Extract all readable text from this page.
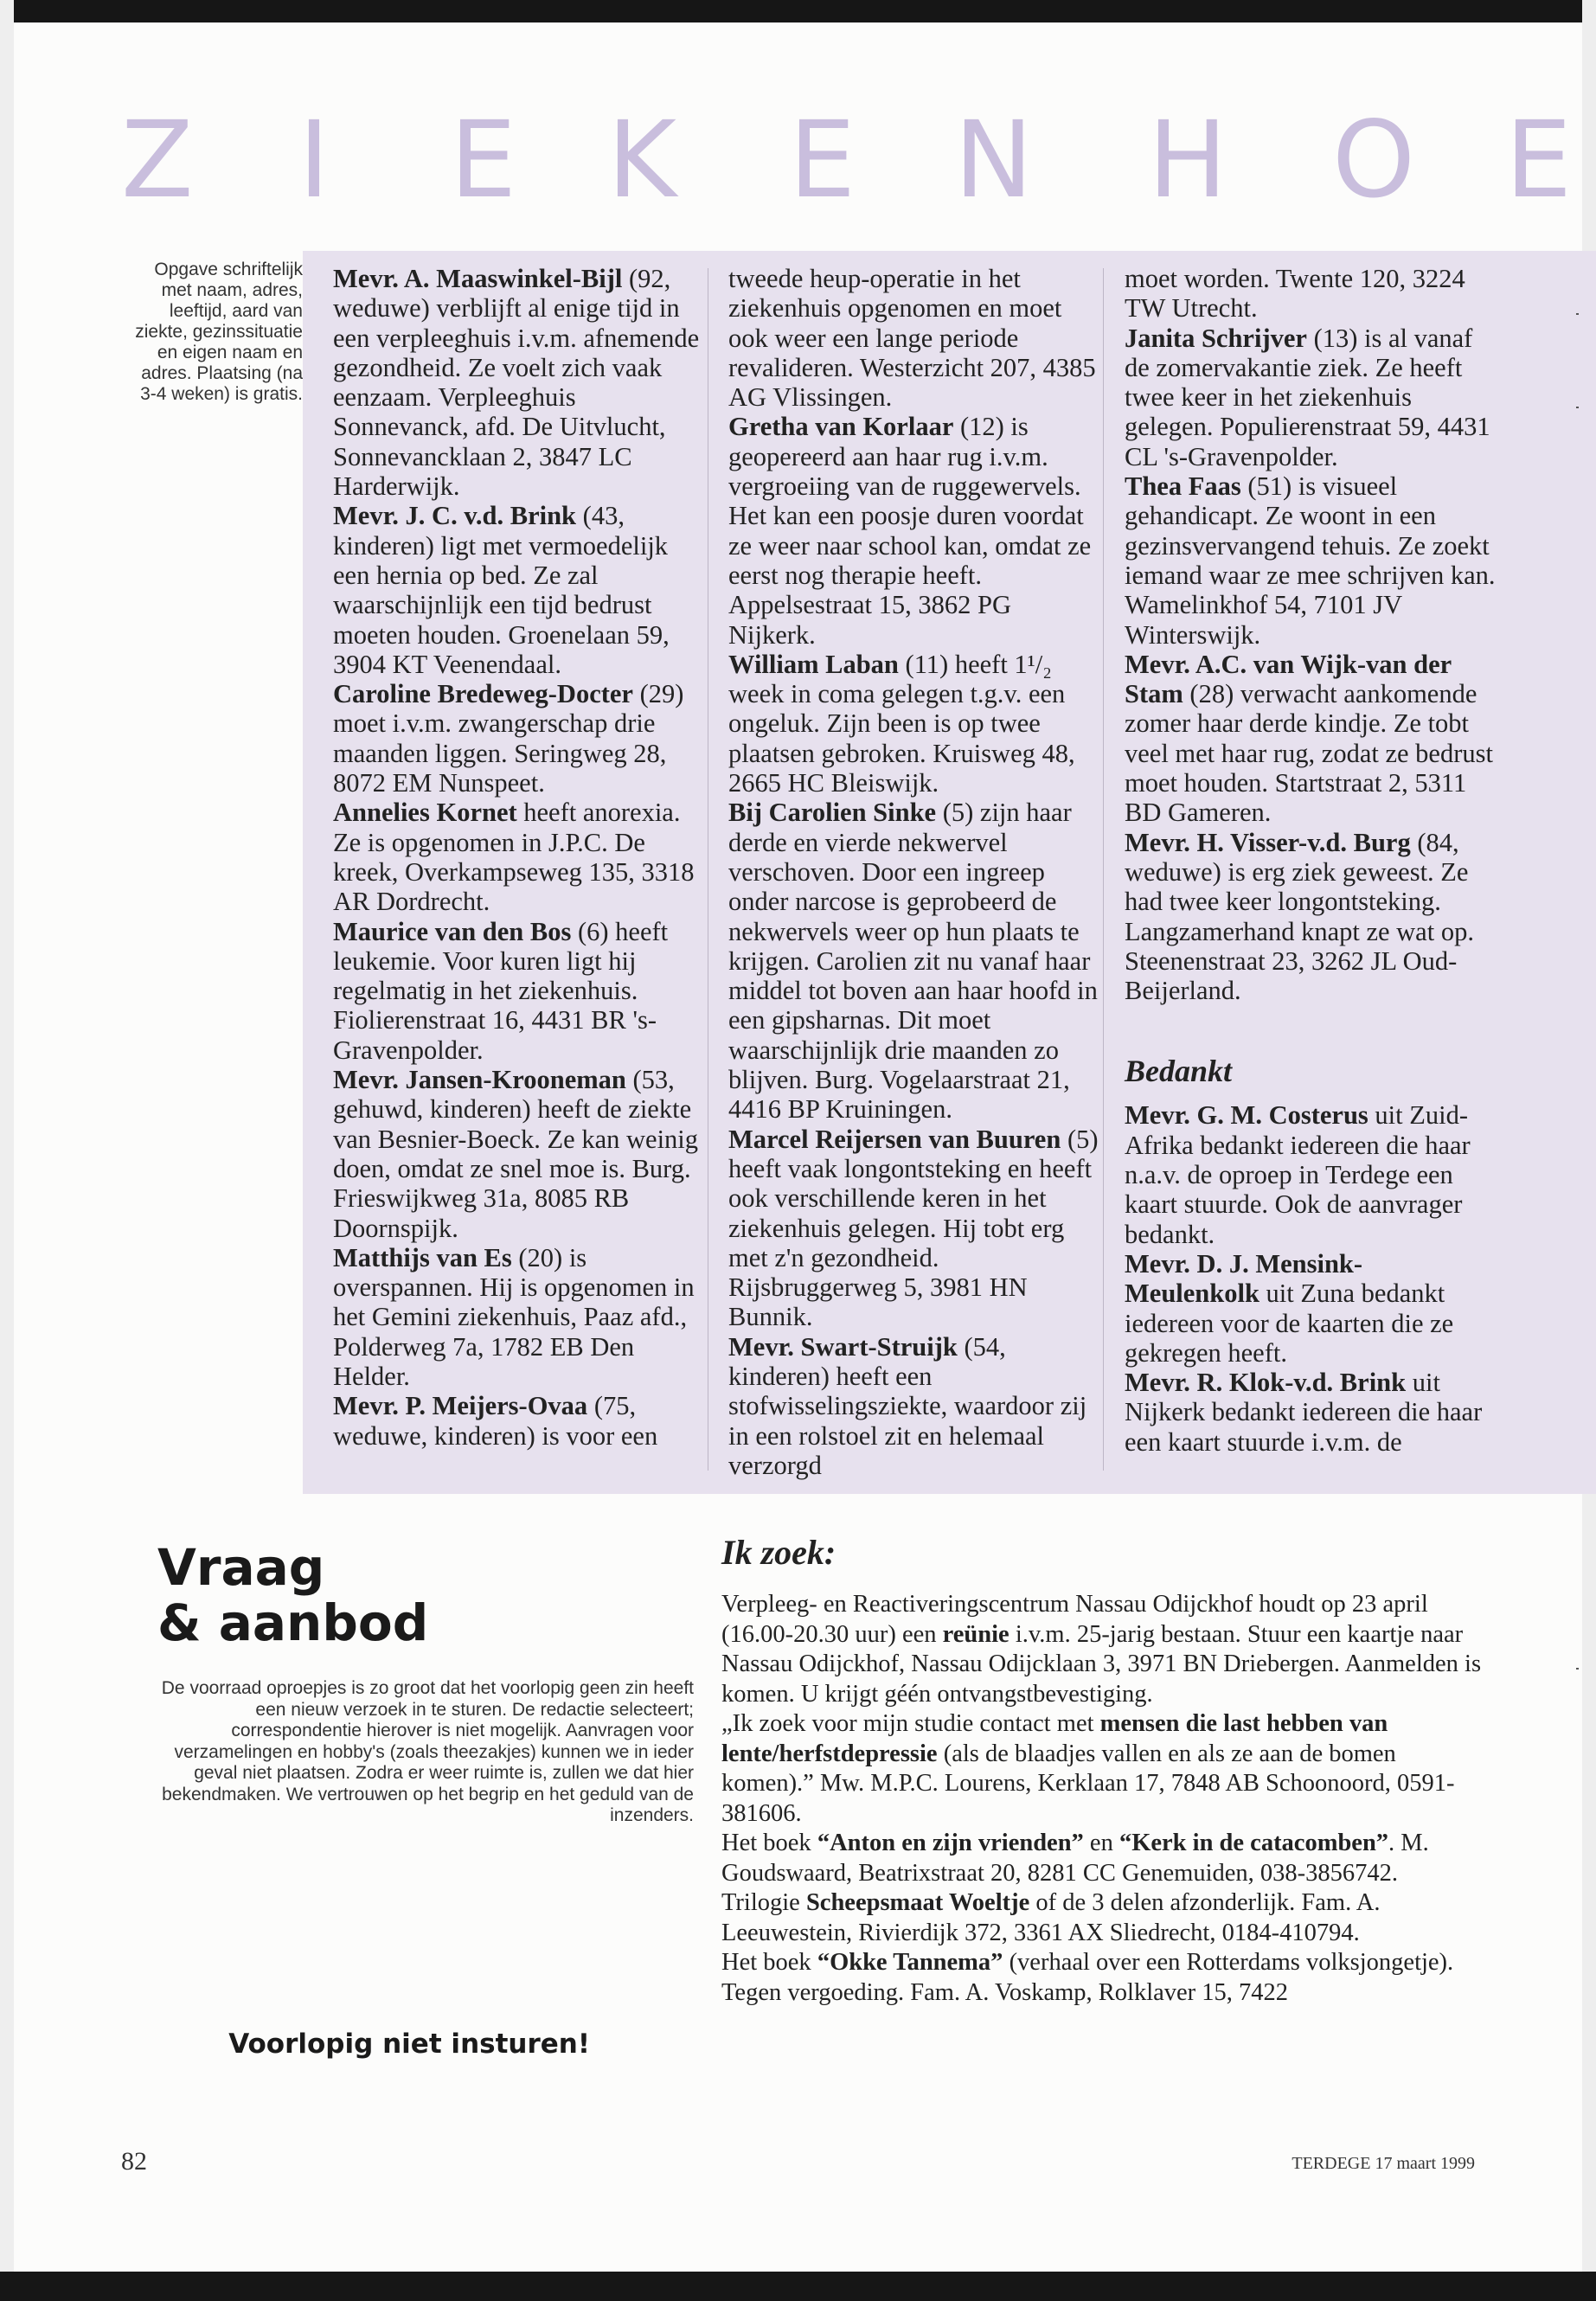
Z I E K E N H O E
Opgave schriftelijk met naam, adres, leeftijd, aard van ziekte, gezinssituatie en eigen naam en adres. Plaatsing (na 3-4 weken) is gratis.

Mevr. A. Maaswinkel-Bijl (92, weduwe) verblijft al enige tijd in een verpleeghuis i.v.m. afnemende gezondheid. Ze voelt zich vaak eenzaam. Verpleeghuis Sonnevanck, afd. De Uitvlucht, Sonnevancklaan 2, 3847 LC Harderwijk.

Mevr. J. C. v.d. Brink (43, kinderen) ligt met vermoedelijk een hernia op bed. Ze zal waarschijnlijk een tijd bedrust moeten houden. Groenelaan 59, 3904 KT Veenendaal.

Caroline Bredeweg-Docter (29) moet i.v.m. zwangerschap drie maanden liggen. Seringweg 28, 8072 EM Nunspeet.

Annelies Kornet heeft anorexia. Ze is opgenomen in J.P.C. De kreek, Overkampseweg 135, 3318 AR Dordrecht.

Maurice van den Bos (6) heeft leukemie. Voor kuren ligt hij regelmatig in het ziekenhuis. Fiolierenstraat 16, 4431 BR 's-Gravenpolder.

Mevr. Jansen-Krooneman (53, gehuwd, kinderen) heeft de ziekte van Besnier-Boeck. Ze kan weinig doen, omdat ze snel moe is. Burg. Frieswijkweg 31a, 8085 RB Doornspijk.

Matthijs van Es (20) is overspannen. Hij is opgenomen in het Gemini ziekenhuis, Paaz afd., Polderweg 7a, 1782 EB Den Helder.

Mevr. P. Meijers-Ovaa (75, weduwe, kinderen) is voor een

tweede heup-operatie in het ziekenhuis opgenomen en moet ook weer een lange periode revalideren. Westerzicht 207, 4385 AG Vlissingen.

Gretha van Korlaar (12) is geopereerd aan haar rug i.v.m. vergroeiing van de ruggewervels. Het kan een poosje duren voordat ze weer naar school kan, omdat ze eerst nog therapie heeft. Appelsestraat 15, 3862 PG Nijkerk.

William Laban (11) heeft 1¹/₂ week in coma gelegen t.g.v. een ongeluk. Zijn been is op twee plaatsen gebroken. Kruisweg 48, 2665 HC Bleiswijk.

Bij Carolien Sinke (5) zijn haar derde en vierde nekwervel verschoven. Door een ingreep onder narcose is geprobeerd de nekwervels weer op hun plaats te krijgen. Carolien zit nu vanaf haar middel tot boven aan haar hoofd in een gipsharnas. Dit moet waarschijnlijk drie maanden zo blijven. Burg. Vogelaarstraat 21, 4416 BP Kruiningen.

Marcel Reijersen van Buuren (5) heeft vaak longontsteking en heeft ook verschillende keren in het ziekenhuis gelegen. Hij tobt erg met z'n gezondheid. Rijsbruggerweg 5, 3981 HN Bunnik.

Mevr. Swart-Struijk (54, kinderen) heeft een stofwisselingsziekte, waardoor zij in een rolstoel zit en helemaal verzorgd

moet worden. Twente 120, 3224 TW Utrecht.

Janita Schrijver (13) is al vanaf de zomervakantie ziek. Ze heeft twee keer in het ziekenhuis gelegen. Populierenstraat 59, 4431 CL 's-Gravenpolder.

Thea Faas (51) is visueel gehandicapt. Ze woont in een gezinsvervangend tehuis. Ze zoekt iemand waar ze mee schrijven kan. Wamelinkhof 54, 7101 JV Winterswijk.

Mevr. A.C. van Wijk-van der Stam (28) verwacht aankomende zomer haar derde kindje. Ze tobt veel met haar rug, zodat ze bedrust moet houden. Startstraat 2, 5311 BD Gameren.

Mevr. H. Visser-v.d. Burg (84, weduwe) is erg ziek geweest. Ze had twee keer longontsteking. Langzamerhand knapt ze wat op. Steenenstraat 23, 3262 JL Oud-Beijerland.

Bedankt

Mevr. G. M. Costerus uit Zuid-Afrika bedankt iedereen die haar n.a.v. de oproep in Terdege een kaart stuurde. Ook de aanvrager bedankt.

Mevr. D. J. Mensink-Meulenkolk uit Zuna bedankt iedereen voor de kaarten die ze gekregen heeft.

Mevr. R. Klok-v.d. Brink uit Nijkerk bedankt iedereen die haar een kaart stuurde i.v.m. de

Vraag
& aanbod
De voorraad oproepjes is zo groot dat het voorlopig geen zin heeft een nieuw verzoek in te sturen. De redactie selecteert; correspondentie hierover is niet mogelijk. Aanvragen voor verzamelingen en hobby's (zoals theezakjes) kunnen we in ieder geval niet plaatsen. Zodra er weer ruimte is, zullen we dat hier bekendmaken. We vertrouwen op het begrip en het geduld van de inzenders.
Voorlopig niet insturen!
Ik zoek:

Verpleeg- en Reactiveringscentrum Nassau Odijckhof houdt op 23 april (16.00-20.30 uur) een reünie i.v.m. 25-jarig bestaan. Stuur een kaartje naar Nassau Odijckhof, Nassau Odijcklaan 3, 3971 BN Driebergen. Aanmelden is komen. U krijgt géén ontvangstbevestiging.

„Ik zoek voor mijn studie contact met mensen die last hebben van lente/herfstdepressie (als de blaadjes vallen en als ze aan de bomen komen).” Mw. M.P.C. Lourens, Kerklaan 17, 7848 AB Schoonoord, 0591-381606.

Het boek “Anton en zijn vrienden” en “Kerk in de catacomben”. M. Goudswaard, Beatrixstraat 20, 8281 CC Genemuiden, 038-3856742.

Trilogie Scheepsmaat Woeltje of de 3 delen afzonderlijk. Fam. A. Leeuwestein, Rivierdijk 372, 3361 AX Sliedrecht, 0184-410794.

Het boek “Okke Tannema” (verhaal over een Rotterdams volksjongetje). Tegen vergoeding. Fam. A. Voskamp, Rolklaver 15, 7422

82	TERDEGE 17 maart 1999
